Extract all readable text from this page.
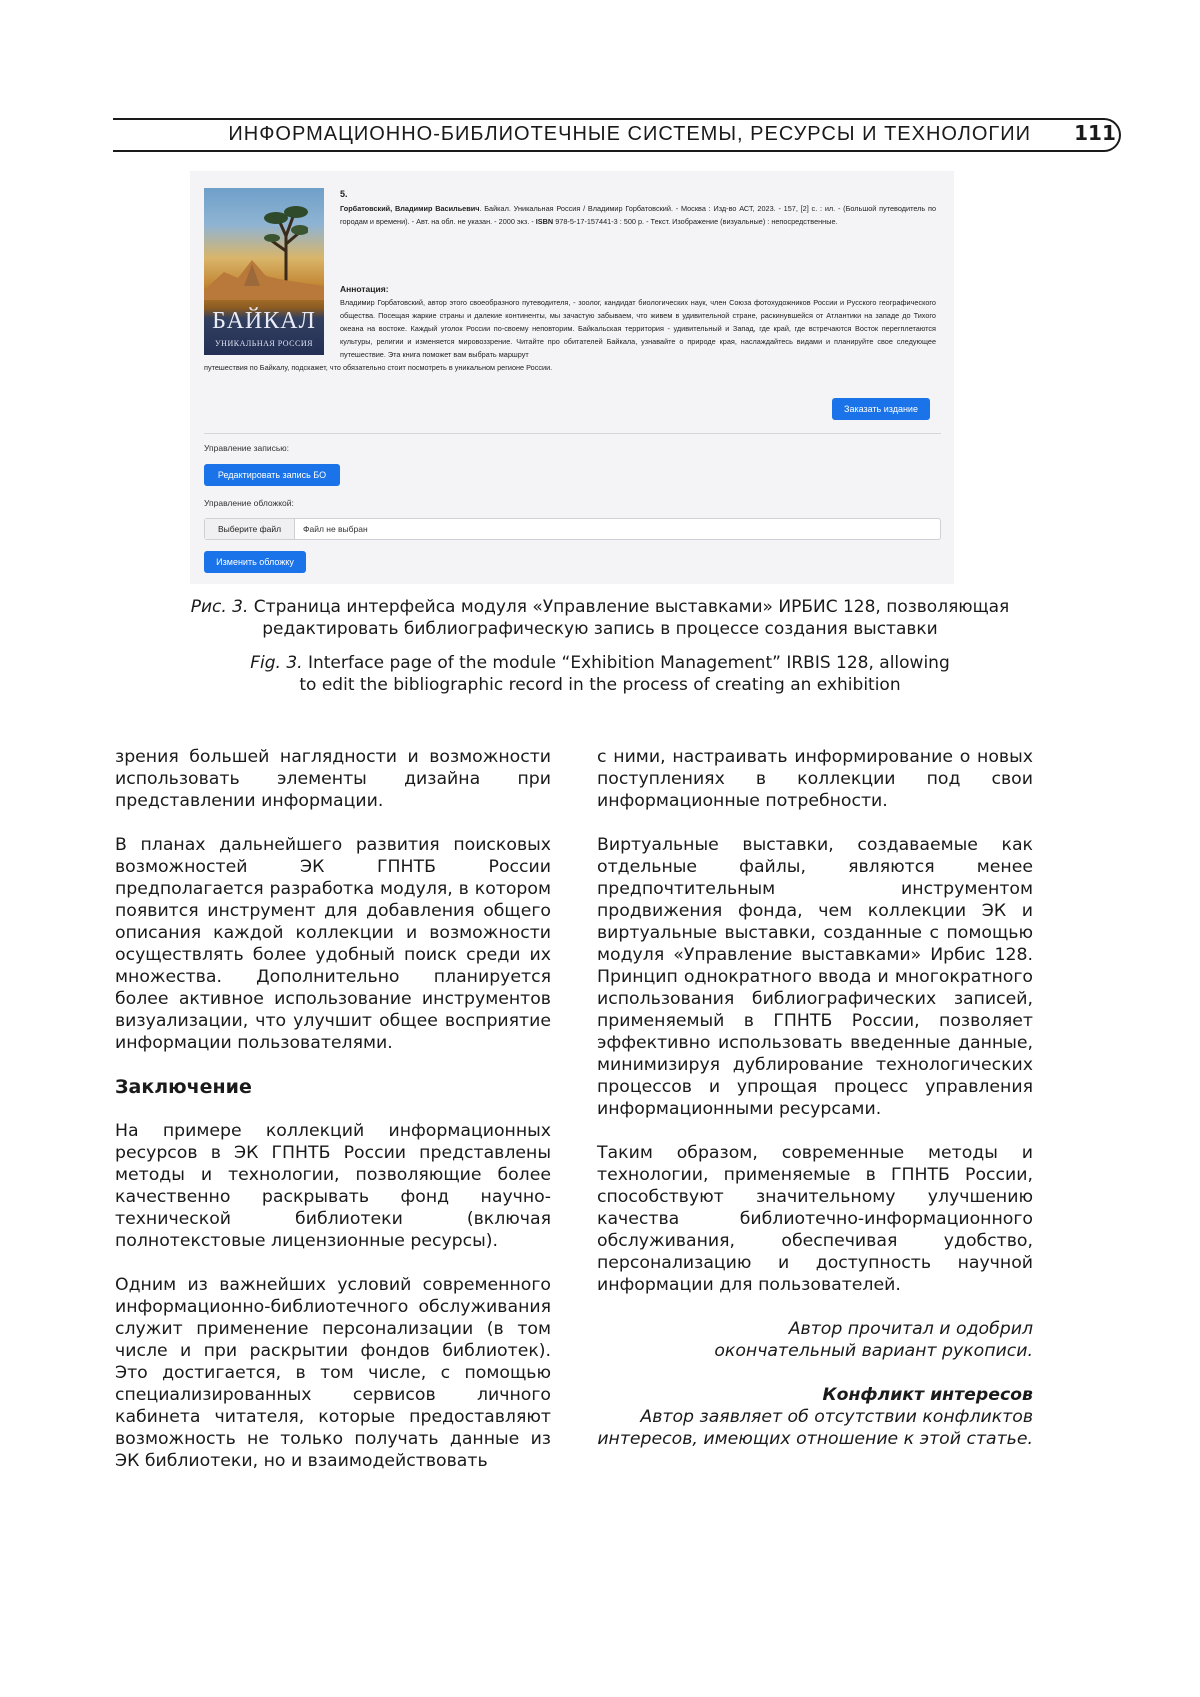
ИНФОРМАЦИОННО-БИБЛИОТЕЧНЫЕ СИСТЕМЫ, РЕСУРСЫ И ТЕХНОЛОГИИ 111
БАЙКАЛ
УНИКАЛЬНАЯ РОССИЯ
5.
Горбатовский, Владимир Васильевич. Байкал. Уникальная Россия / Владимир Горбатовский. - Москва : Изд-во АСТ, 2023. - 157, [2] с. : ил. - (Большой путеводитель по городам и времени). - Авт. на обл. не указан. - 2000 экз. - ISBN 978-5-17-157441-3 : 500 р. - Текст. Изображение (визуальные) : непосредственные.
Аннотация:
Владимир Горбатовский, автор этого своеобразного путеводителя, - зоолог, кандидат биологических наук, член Союза фотохудожников России и Русского географического общества. Посещая жаркие страны и далекие континенты, мы зачастую забываем, что живем в удивительной стране, раскинувшейся от Атлантики на западе до Тихого океана на востоке. Каждый уголок России по-своему неповторим. Байкальская территория - удивительный и Запад, где край, где встречаются Восток перегплетаются культуры, религии и изменяется мировоззрение. Читайте про обитателей Байкала, узнавайте о природе края, наслаждайтесь видами и планируйте свое следующее путешествие. Эта книга поможет вам выбрать маршрут
путешествия по Байкалу, подскажет, что обязательно стоит посмотреть в уникальном регионе России.
Заказать издание
Управление записью:
Редактировать запись БО
Управление обложкой:
Выберите файл	Файл не выбран
Изменить обложку
Рис. 3. Страница интерфейса модуля «Управление выставками» ИРБИС 128, позволяющая
редактировать библиографическую запись в процессе создания выставки
Fig. 3. Interface page of the module “Exhibition Management” IRBIS 128, allowing
to edit the bibliographic record in the process of creating an exhibition

зрения большей наглядности и возможности использовать элементы дизайна при представлении информации.

В планах дальнейшего развития поисковых возможностей ЭК ГПНТБ России предполагается разработка модуля, в котором появится инструмент для добавления общего описания каждой коллекции и возможности осуществлять более удобный поиск среди их множества. Дополнительно планируется более активное использование инструментов визуализации, что улучшит общее восприятие информации пользователями.

Заключение

На примере коллекций информационных ресурсов в ЭК ГПНТБ России представлены методы и технологии, позволяющие более качественно раскрывать фонд научно-технической библиотеки (включая полнотекстовые лицензионные ресурсы).

Одним из важнейших условий современного информационно-библиотечного обслуживания служит применение персонализации (в том числе и при раскрытии фондов библиотек). Это достигается, в том числе, с помощью специализированных сервисов личного кабинета читателя, которые предоставляют возможность не только получать данные из ЭК библиотеки, но и взаимодействовать

с ними, настраивать информирование о новых поступлениях в коллекции под свои информационные потребности.

Виртуальные выставки, создаваемые как отдельные файлы, являются менее предпочтительным инструментом продвижения фонда, чем коллекции ЭК и виртуальные выставки, созданные с помощью модуля «Управление выставками» Ирбис 128. Принцип однократного ввода и многократного использования библиографических записей, применяемый в ГПНТБ России, позволяет эффективно использовать введенные данные, минимизируя дублирование технологических процессов и упрощая процесс управления информационными ресурсами.

Таким образом, современные методы и технологии, применяемые в ГПНТБ России, способствуют значительному улучшению качества библиотечно-информационного обслуживания, обеспечивая удобство, персонализацию и доступность научной информации для пользователей.

Автор прочитал и одобрил
окончательный вариант рукописи.

Конфликт интересов
Автор заявляет об отсутствии конфликтов
интересов, имеющих отношение к этой статье.
